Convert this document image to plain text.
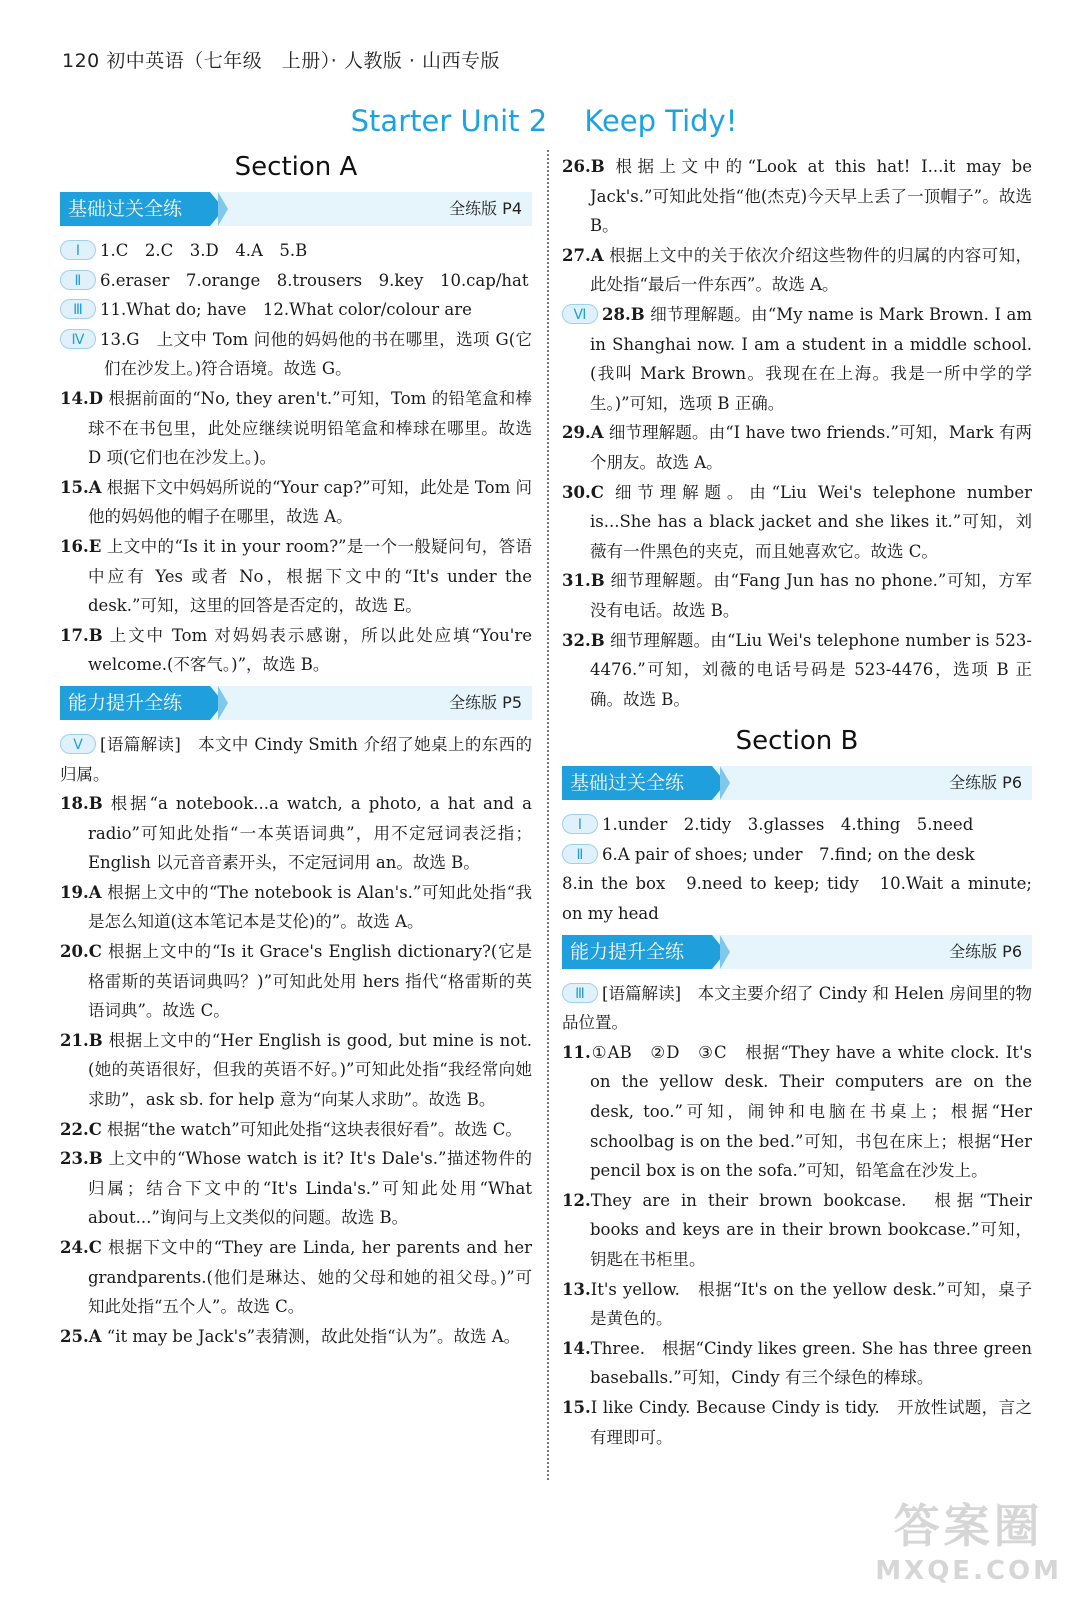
120 初中英语（七年级　上册）· 人教版 · 山西专版
Starter Unit 2 Keep Tidy!
Section A
基础过关全练	全练版 P4
Ⅰ 1.C　2.C　3.D　4.A　5.B
Ⅱ 6.eraser　7.orange　8.trousers　9.key　10.cap/hat
Ⅲ 11.What do; have　12.What color/colour are
Ⅳ 13.G　上文中 Tom 问他的妈妈他的书在哪里，选项 G(它们在沙发上。)符合语境。故选 G。
14.D 根据前面的“No, they aren't.”可知，Tom 的铅笔盒和棒球不在书包里，此处应继续说明铅笔盒和棒球在哪里。故选 D 项(它们也在沙发上。)。
15.A 根据下文中妈妈所说的“Your cap?”可知，此处是 Tom 问他的妈妈他的帽子在哪里，故选 A。
16.E 上文中的“Is it in your room?”是一个一般疑问句，答语中应有 Yes 或者 No，根据下文中的“It's under the desk.”可知，这里的回答是否定的，故选 E。
17.B 上文中 Tom 对妈妈表示感谢，所以此处应填“You're welcome.(不客气。)”，故选 B。
能力提升全练	全练版 P5
Ⅴ [语篇解读]　本文中 Cindy Smith 介绍了她桌上的东西的归属。
18.B 根据“a notebook...a watch, a photo, a hat and a radio”可知此处指“一本英语词典”，用不定冠词表泛指；English 以元音音素开头，不定冠词用 an。故选 B。
19.A 根据上文中的“The notebook is Alan's.”可知此处指“我是怎么知道(这本笔记本是艾伦)的”。故选 A。
20.C 根据上文中的“Is it Grace's English dictionary?(它是格雷斯的英语词典吗？)”可知此处用 hers 指代“格雷斯的英语词典”。故选 C。
21.B 根据上文中的“Her English is good, but mine is not.(她的英语很好，但我的英语不好。)”可知此处指“我经常向她求助”，ask sb. for help 意为“向某人求助”。故选 B。
22.C 根据“the watch”可知此处指“这块表很好看”。故选 C。
23.B 上文中的“Whose watch is it? It's Dale's.”描述物件的归属；结合下文中的“It's Linda's.”可知此处用“What about...”询问与上文类似的问题。故选 B。
24.C 根据下文中的“They are Linda, her parents and her grandparents.(他们是琳达、她的父母和她的祖父母。)”可知此处指“五个人”。故选 C。
25.A “it may be Jack's”表猜测，故此处指“认为”。故选 A。
26.B 根据上文中的“Look at this hat! I...it may be Jack's.”可知此处指“他(杰克)今天早上丢了一顶帽子”。故选 B。
27.A 根据上文中的关于依次介绍这些物件的归属的内容可知，此处指“最后一件东西”。故选 A。
Ⅵ 28.B 细节理解题。由“My name is Mark Brown. I am in Shanghai now. I am a student in a middle school.(我叫 Mark Brown。我现在在上海。我是一所中学的学生。)”可知，选项 B 正确。
29.A 细节理解题。由“I have two friends.”可知，Mark 有两个朋友。故选 A。
30.C 细节理解题。由“Liu Wei's telephone number is...She has a black jacket and she likes it.”可知，刘薇有一件黑色的夹克，而且她喜欢它。故选 C。
31.B 细节理解题。由“Fang Jun has no phone.”可知，方军没有电话。故选 B。
32.B 细节理解题。由“Liu Wei's telephone number is 523-4476.”可知，刘薇的电话号码是 523-4476，选项 B 正确。故选 B。
Section B
基础过关全练	全练版 P6
Ⅰ 1.under　2.tidy　3.glasses　4.thing　5.need
Ⅱ 6.A pair of shoes; under　7.find; on the desk
8.in the box　9.need to keep; tidy　10.Wait a minute; on my head
能力提升全练	全练版 P6
Ⅲ [语篇解读]　本文主要介绍了 Cindy 和 Helen 房间里的物品位置。
11.①AB　②D　③C　根据“They have a white clock. It's on the yellow desk. Their computers are on the desk, too.”可知，闹钟和电脑在书桌上；根据“Her schoolbag is on the bed.”可知，书包在床上；根据“Her pencil box is on the sofa.”可知，铅笔盒在沙发上。
12.They are in their brown bookcase.　根据“Their books and keys are in their brown bookcase.”可知，钥匙在书柜里。
13.It's yellow.　根据“It's on the yellow desk.”可知，桌子是黄色的。
14.Three.　根据“Cindy likes green. She has three green baseballs.”可知，Cindy 有三个绿色的棒球。
15.I like Cindy. Because Cindy is tidy.　开放性试题，言之有理即可。
答案圈
MXQE.COM
